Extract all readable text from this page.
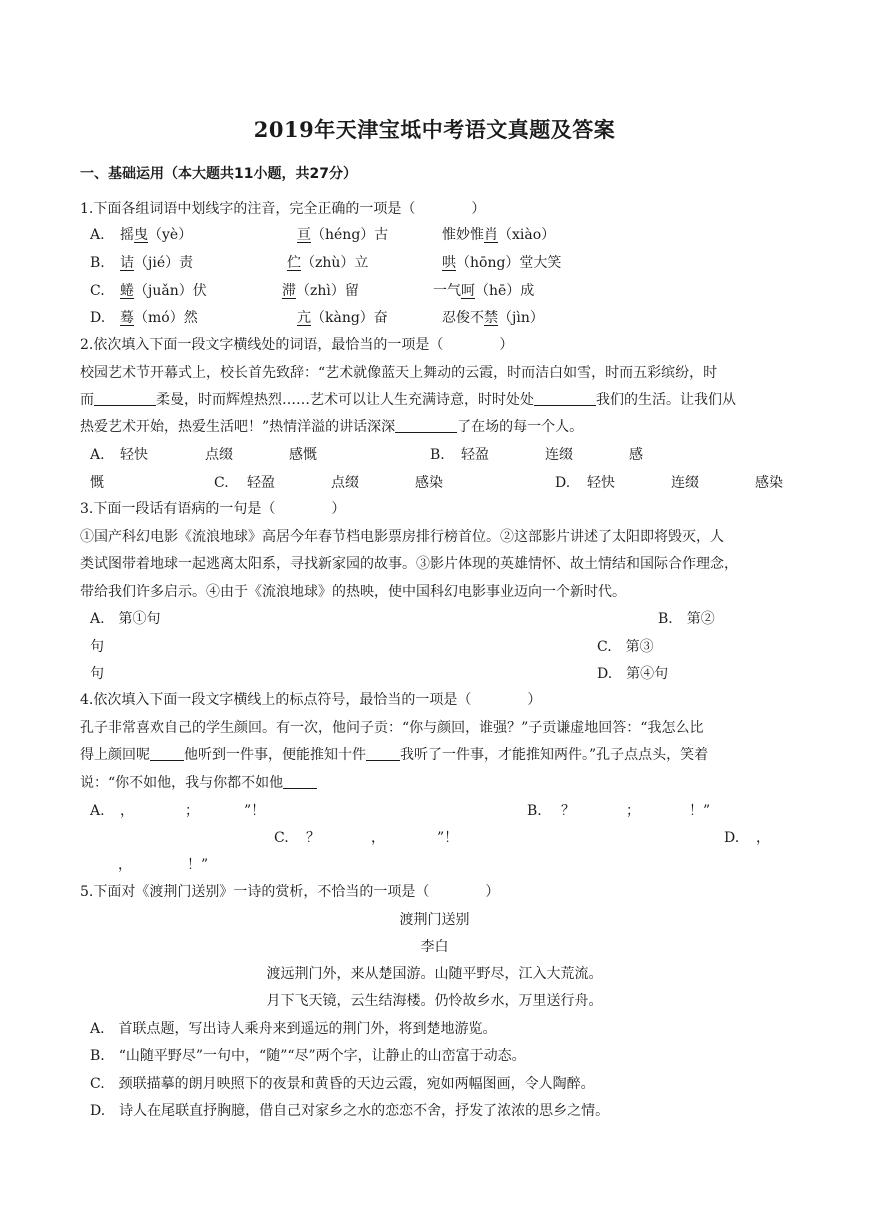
2019年天津宝坻中考语文真题及答案
一、基础运用（本大题共11小题，共27分）
1.下面各组词语中划线字的注音，完全正确的一项是（　　　　）
A. 摇曳（yè）	亘（héng）古	惟妙惟肖（xiào）
B. 诘（jié）责	伫（zhù）立	哄（hōng）堂大笑
C. 蜷（juǎn）伏	滞（zhì）留	一气呵（hē）成
D. 蓦（mó）然	亢（kàng）奋	忍俊不禁（jìn）
2.依次填入下面一段文字横线处的词语，最恰当的一项是（　　　　）
校园艺术节开幕式上，校长首先致辞：“艺术就像蓝天上舞动的云霞，时而洁白如雪，时而五彩缤纷，时
而	柔曼，时而辉煌热烈……艺术可以让人生充满诗意，时时处处	我们的生活。让我们从
热爱艺术开始，热爱生活吧！”热情洋溢的讲话深深	了在场的每一个人。
A. 轻快	点缀	感慨	B. 轻盈	连缀	感
慨	C. 轻盈	点缀	感染	D. 轻快	连缀	感染
3.下面一段话有语病的一句是（　　　　）
①国产科幻电影《流浪地球》高居今年春节档电影票房排行榜首位。②这部影片讲述了太阳即将毁灭，人
类试图带着地球一起逃离太阳系，寻找新家园的故事。③影片体现的英雄情怀、故土情结和国际合作理念，
带给我们许多启示。④由于《流浪地球》的热映，使中国科幻电影事业迈向一个新时代。
A.　第①句	B.　第②
句	C.　第③
句	D.　第④句
4.依次填入下面一段文字横线上的标点符号，最恰当的一项是（　　　　）
孔子非常喜欢自己的学生颜回。有一次，他问子贡：“你与颜回，谁强？”子贡谦虚地回答：“我怎么比
得上颜回呢 他听到一件事，便能推知十件 我听了一件事，才能推知两件。”孔子点点头，笑着
说：“你不如他，我与你都不如他
A. ，	；	”！	B. ？	；	！”
C. ？	，	”！	D. ，
，	！”
5.下面对《渡荆门送别》一诗的赏析，不恰当的一项是（　　　　）
渡荆门送别
李白
渡远荆门外，来从楚国游。山随平野尽，江入大荒流。
月下飞天镜，云生结海楼。仍怜故乡水，万里送行舟。
A.　首联点题，写出诗人乘舟来到遥远的荆门外，将到楚地游览。
B.　“山随平野尽”一句中，“随”“尽”两个字，让静止的山峦富于动态。
C.　颈联描摹的朗月映照下的夜景和黄昏的天边云霞，宛如两幅图画，令人陶醉。
D.　诗人在尾联直抒胸臆，借自己对家乡之水的恋恋不舍，抒发了浓浓的思乡之情。
